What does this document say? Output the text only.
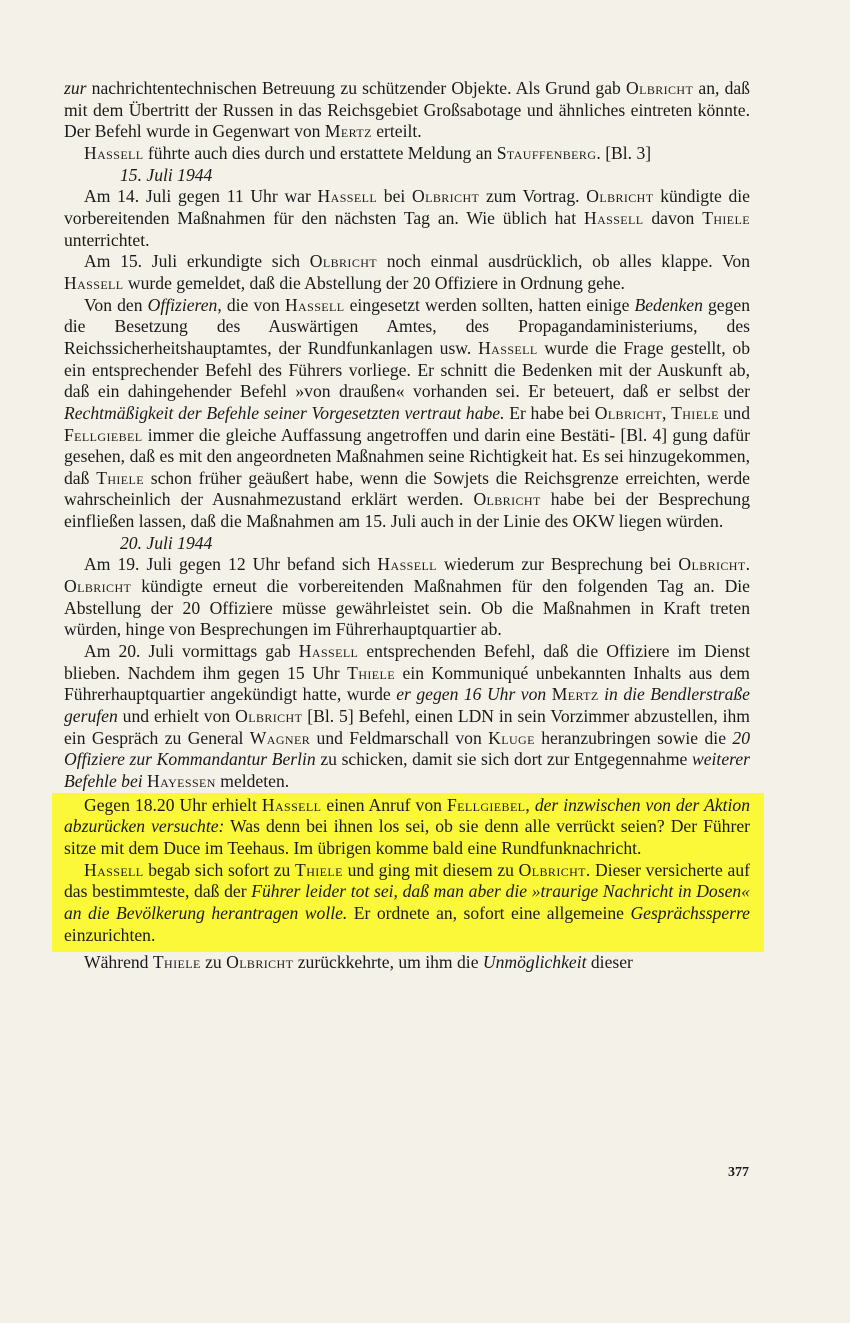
zur nachrichtentechnischen Betreuung zu schützender Objekte. Als Grund gab Olbricht an, daß mit dem Übertritt der Russen in das Reichsgebiet Großsabotage und ähnliches eintreten könnte. Der Befehl wurde in Gegenwart von Mertz erteilt.
Hassell führte auch dies durch und erstattete Meldung an Stauffenberg. [Bl. 3]
15. Juli 1944
Am 14. Juli gegen 11 Uhr war Hassell bei Olbricht zum Vortrag. Olbricht kündigte die vorbereitenden Maßnahmen für den nächsten Tag an. Wie üblich hat Hassell davon Thiele unterrichtet.
Am 15. Juli erkundigte sich Olbricht noch einmal ausdrücklich, ob alles klappe. Von Hassell wurde gemeldet, daß die Abstellung der 20 Offiziere in Ordnung gehe.
Von den Offizieren, die von Hassell eingesetzt werden sollten, hatten einige Bedenken gegen die Besetzung des Auswärtigen Amtes, des Propagandaministeriums, des Reichssicherheitshauptamtes, der Rundfunkanlagen usw. Hassell wurde die Frage gestellt, ob ein entsprechender Befehl des Führers vorliege. Er schnitt die Bedenken mit der Auskunft ab, daß ein dahingehender Befehl »von draußen« vorhanden sei. Er beteuert, daß er selbst der Rechtmäßigkeit der Befehle seiner Vorgesetzten vertraut habe. Er habe bei Olbricht, Thiele und Fellgiebel immer die gleiche Auffassung angetroffen und darin eine Bestäti- [Bl. 4] gung dafür gesehen, daß es mit den angeordneten Maßnahmen seine Richtigkeit hat. Es sei hinzugekommen, daß Thiele schon früher geäußert habe, wenn die Sowjets die Reichsgrenze erreichten, werde wahrscheinlich der Ausnahmezustand erklärt werden. Olbricht habe bei der Besprechung einfließen lassen, daß die Maßnahmen am 15. Juli auch in der Linie des OKW liegen würden.
20. Juli 1944
Am 19. Juli gegen 12 Uhr befand sich Hassell wiederum zur Besprechung bei Olbricht. Olbricht kündigte erneut die vorbereitenden Maßnahmen für den folgenden Tag an. Die Abstellung der 20 Offiziere müsse gewährleistet sein. Ob die Maßnahmen in Kraft treten würden, hinge von Besprechungen im Führerhauptquartier ab.
Am 20. Juli vormittags gab Hassell entsprechenden Befehl, daß die Offiziere im Dienst blieben. Nachdem ihm gegen 15 Uhr Thiele ein Kommuniqué unbekannten Inhalts aus dem Führerhauptquartier angekündigt hatte, wurde er gegen 16 Uhr von Mertz in die Bendlerstraße gerufen und erhielt von Olbricht [Bl. 5] Befehl, einen LDN in sein Vorzimmer abzustellen, ihm ein Gespräch zu General Wagner und Feldmarschall von Kluge heranzubringen sowie die 20 Offiziere zur Kommandantur Berlin zu schicken, damit sie sich dort zur Entgegennahme weiterer Befehle bei Hayessen meldeten.
Gegen 18.20 Uhr erhielt Hassell einen Anruf von Fellgiebel, der inzwischen von der Aktion abzurücken versuchte: Was denn bei ihnen los sei, ob sie denn alle verrückt seien? Der Führer sitze mit dem Duce im Teehaus. Im übrigen komme bald eine Rundfunknachricht.
Hassell begab sich sofort zu Thiele und ging mit diesem zu Olbricht. Dieser versicherte auf das bestimmteste, daß der Führer leider tot sei, daß man aber die »traurige Nachricht in Dosen« an die Bevölkerung herantragen wolle. Er ordnete an, sofort eine allgemeine Gesprächssperre einzurichten.
Während Thiele zu Olbricht zurückkehrte, um ihm die Unmöglichkeit dieser
377
